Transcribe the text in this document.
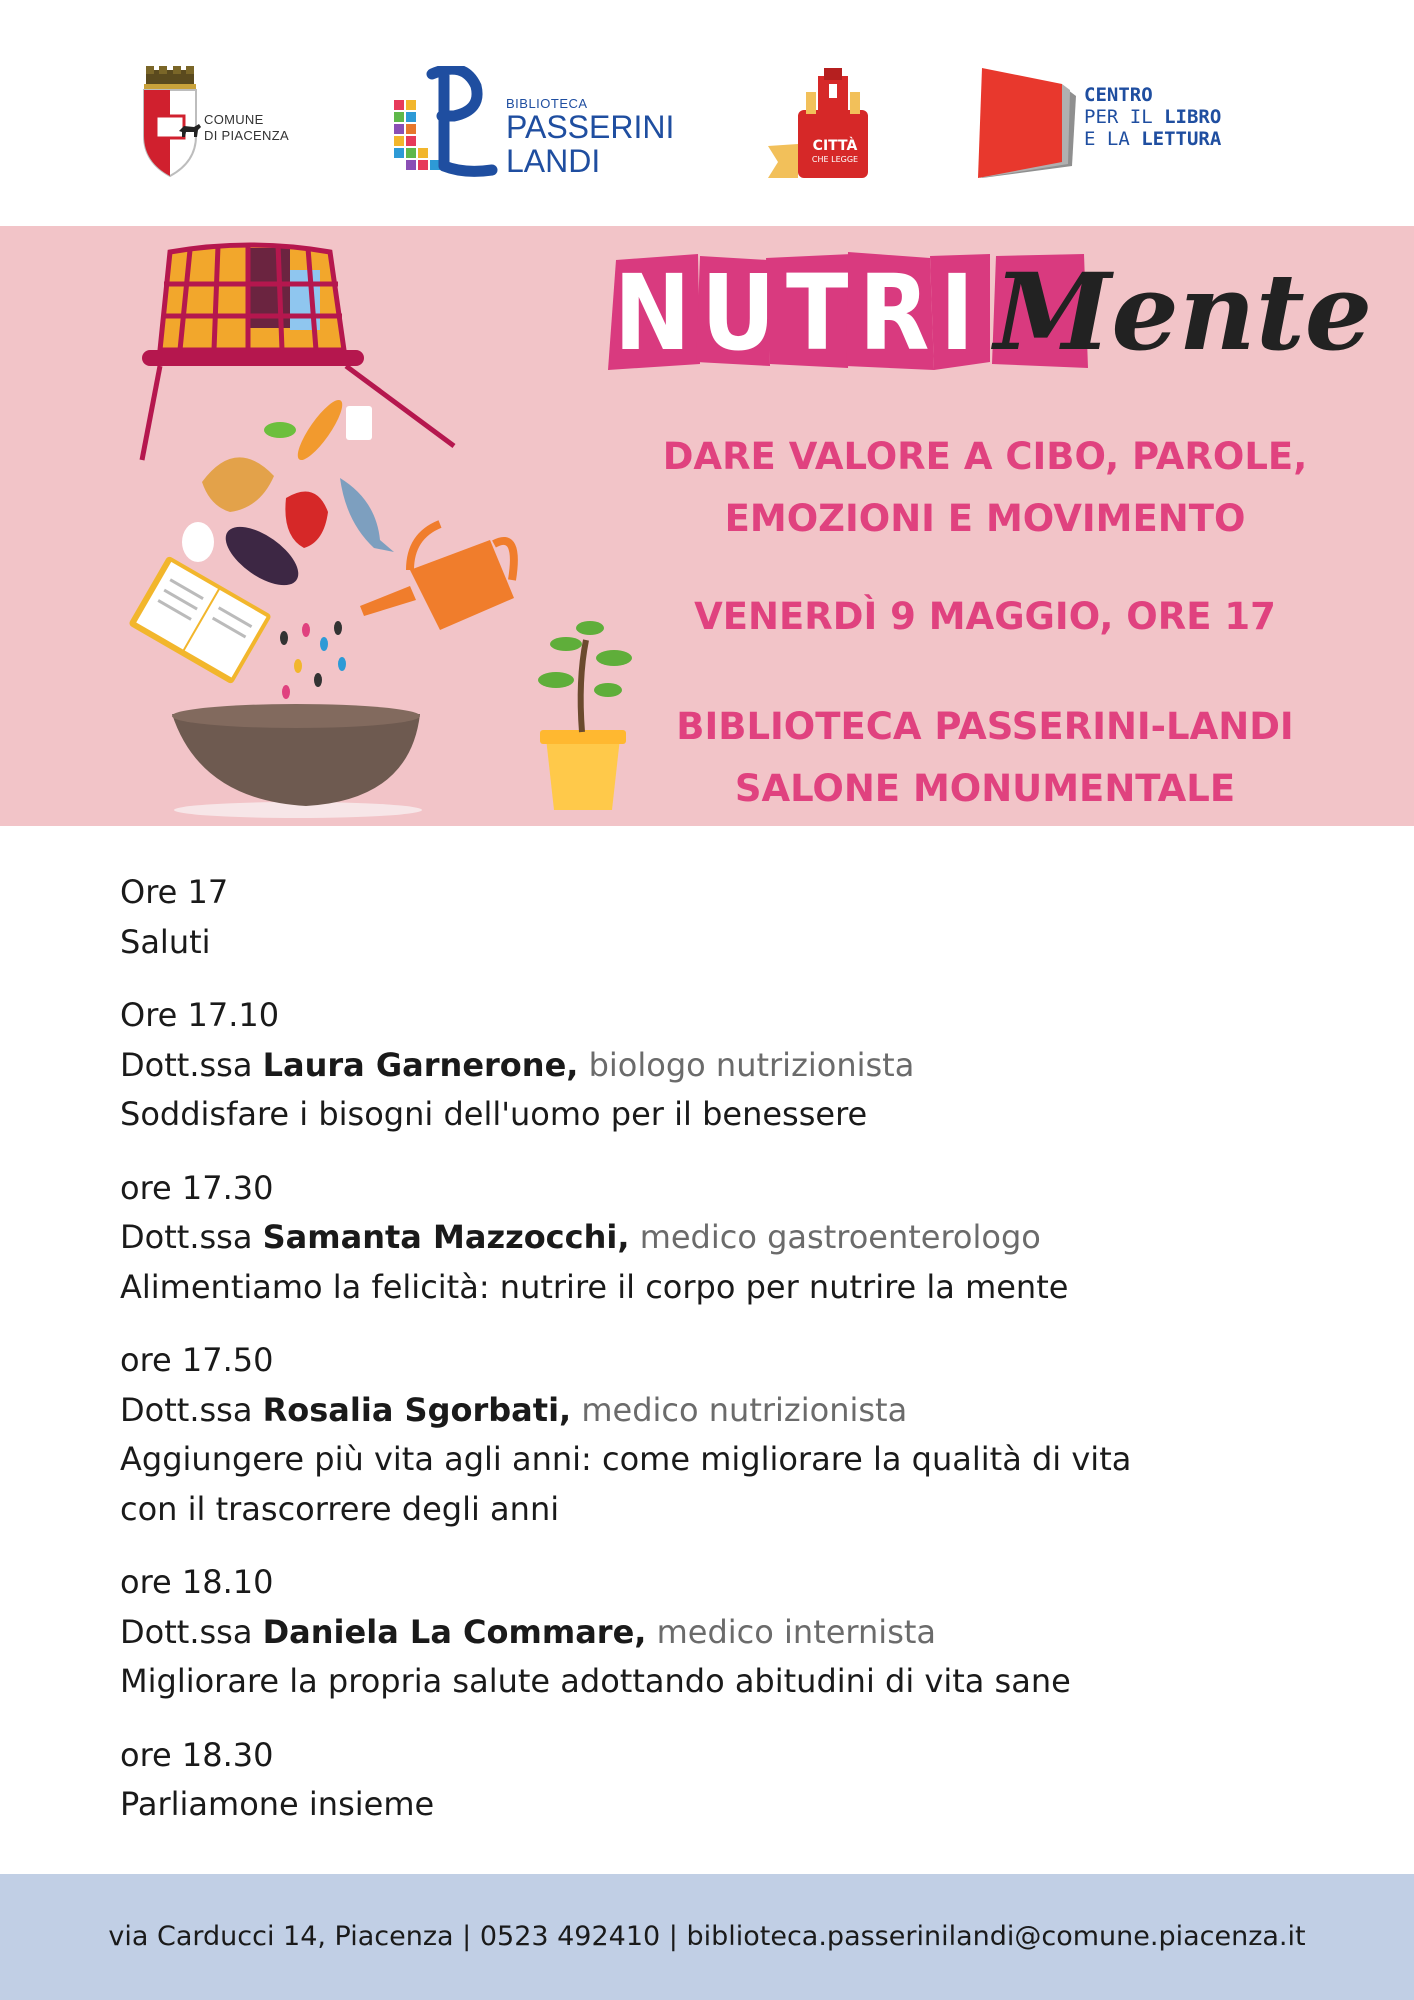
COMUNE
DI PIACENZA
BIBLIOTECA
PASSERINI
LANDI	CITTÀ
CHE LEGGE
CENTRO
PER IL LIBRO
E LA LETTURA
NUTRI Mente
DARE VALORE A CIBO, PAROLE,
EMOZIONI E MOVIMENTO
VENERDÌ 9 MAGGIO, ORE 17
BIBLIOTECA PASSERINI-LANDI
SALONE MONUMENTALE
Ore 17
Saluti
Ore 17.10
Dott.ssa Laura Garnerone, biologo nutrizionista
Soddisfare i bisogni dell'uomo per il benessere
ore 17.30
Dott.ssa Samanta Mazzocchi, medico gastroenterologo
Alimentiamo la felicità: nutrire il corpo per nutrire la mente
ore 17.50
Dott.ssa Rosalia Sgorbati, medico nutrizionista
Aggiungere più vita agli anni: come migliorare la qualità di vita
con il trascorrere degli anni
ore 18.10
Dott.ssa Daniela La Commare, medico internista
Migliorare la propria salute adottando abitudini di vita sane
ore 18.30
Parliamone insieme
via Carducci 14, Piacenza | 0523 492410 | biblioteca.passerinilandi@comune.piacenza.it
